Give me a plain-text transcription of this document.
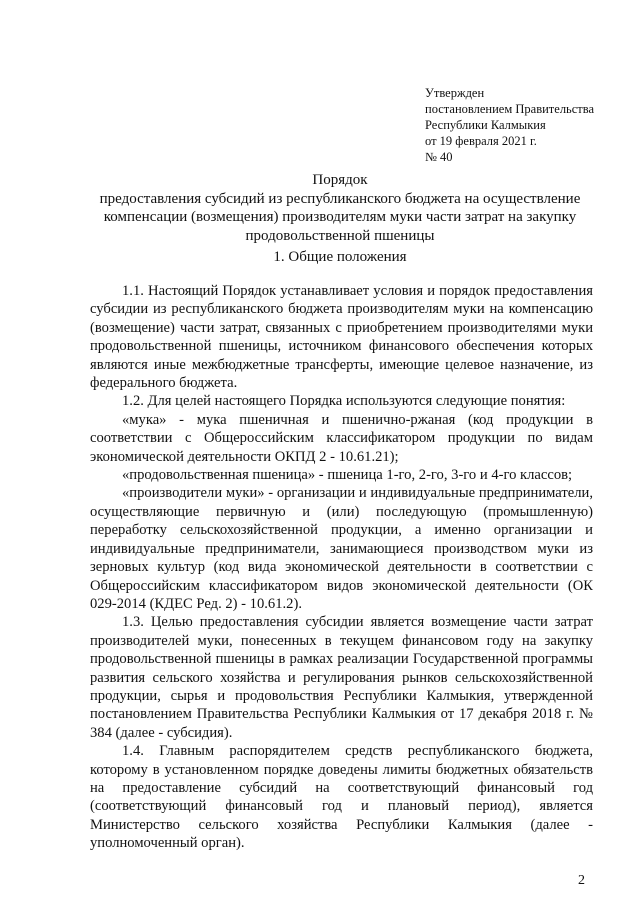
Утвержден
постановлением Правительства
Республики Калмыкия
от 19 февраля 2021 г.
№ 40
Порядок
предоставления субсидий из республиканского бюджета на осуществление
компенсации (возмещения) производителям муки части затрат на закупку
продовольственной пшеницы
1. Общие положения

1.1. Настоящий Порядок устанавливает условия и порядок предоставления субсидии из республиканского бюджета производителям муки на компенсацию (возмещение) части затрат, связанных с приобретением производителями муки продовольственной пшеницы, источником финансового обеспечения которых являются иные межбюджетные трансферты, имеющие целевое назначение, из федерального бюджета.

1.2. Для целей настоящего Порядка используются следующие понятия:

«мука» - мука пшеничная и пшенично-ржаная (код продукции в соответствии с Общероссийским классификатором продукции по видам экономической деятельности ОКПД 2 - 10.61.21);

«продовольственная пшеница» - пшеница 1-го, 2-го, 3-го и 4-го классов;

«производители муки» - организации и индивидуальные предприниматели, осуществляющие первичную и (или) последующую (промышленную) переработку сельскохозяйственной продукции, а именно организации и индивидуальные предприниматели, занимающиеся производством муки из зерновых культур (код вида экономической деятельности в соответствии с Общероссийским классификатором видов экономической деятельности (ОК 029-2014 (КДЕС Ред. 2) - 10.61.2).

1.3. Целью предоставления субсидии является возмещение части затрат производителей муки, понесенных в текущем финансовом году на закупку продовольственной пшеницы в рамках реализации Государственной программы развития сельского хозяйства и регулирования рынков сельскохозяйственной продукции, сырья и продовольствия Республики Калмыкия, утвержденной постановлением Правительства Республики Калмыкия от 17 декабря 2018 г. № 384 (далее - субсидия).

1.4. Главным распорядителем средств республиканского бюджета, которому в установленном порядке доведены лимиты бюджетных обязательств на предоставление субсидий на соответствующий финансовый год (соответствующий финансовый год и плановый период), является Министерство сельского хозяйства Республики Калмыкия (далее - уполномоченный орган).

2
